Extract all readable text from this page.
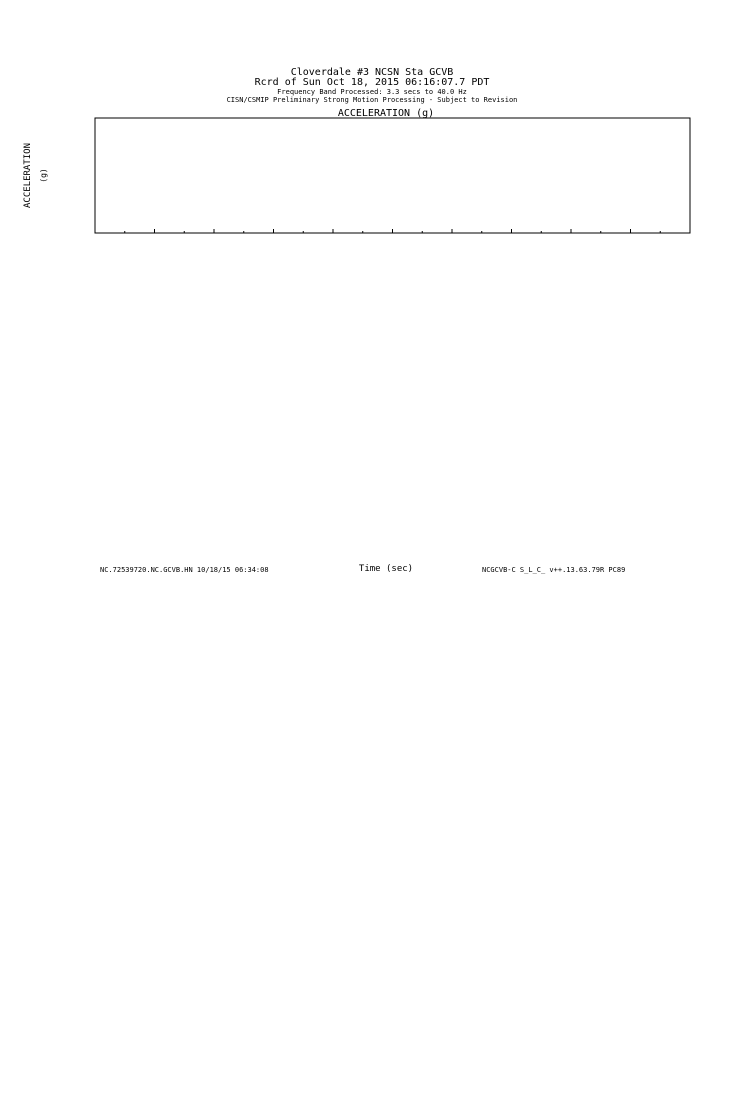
Cloverdale #3 NCSN Sta GCVB
Rcrd of Sun Oct 18, 2015 06:16:07.7 PDT
Frequency Band Processed: 3.3 secs to 40.0 Hz
CISN/CSMIP Preliminary Strong Motion Processing - Subject to Revision
ACCELERATION (g)
ACCELERATION (g)
Time (sec)
NC.72539720.NC.GCVB.HN 10/18/15 06:34:08	NCGCVB-C S_L_C_ v++.13.63.79R PC89
